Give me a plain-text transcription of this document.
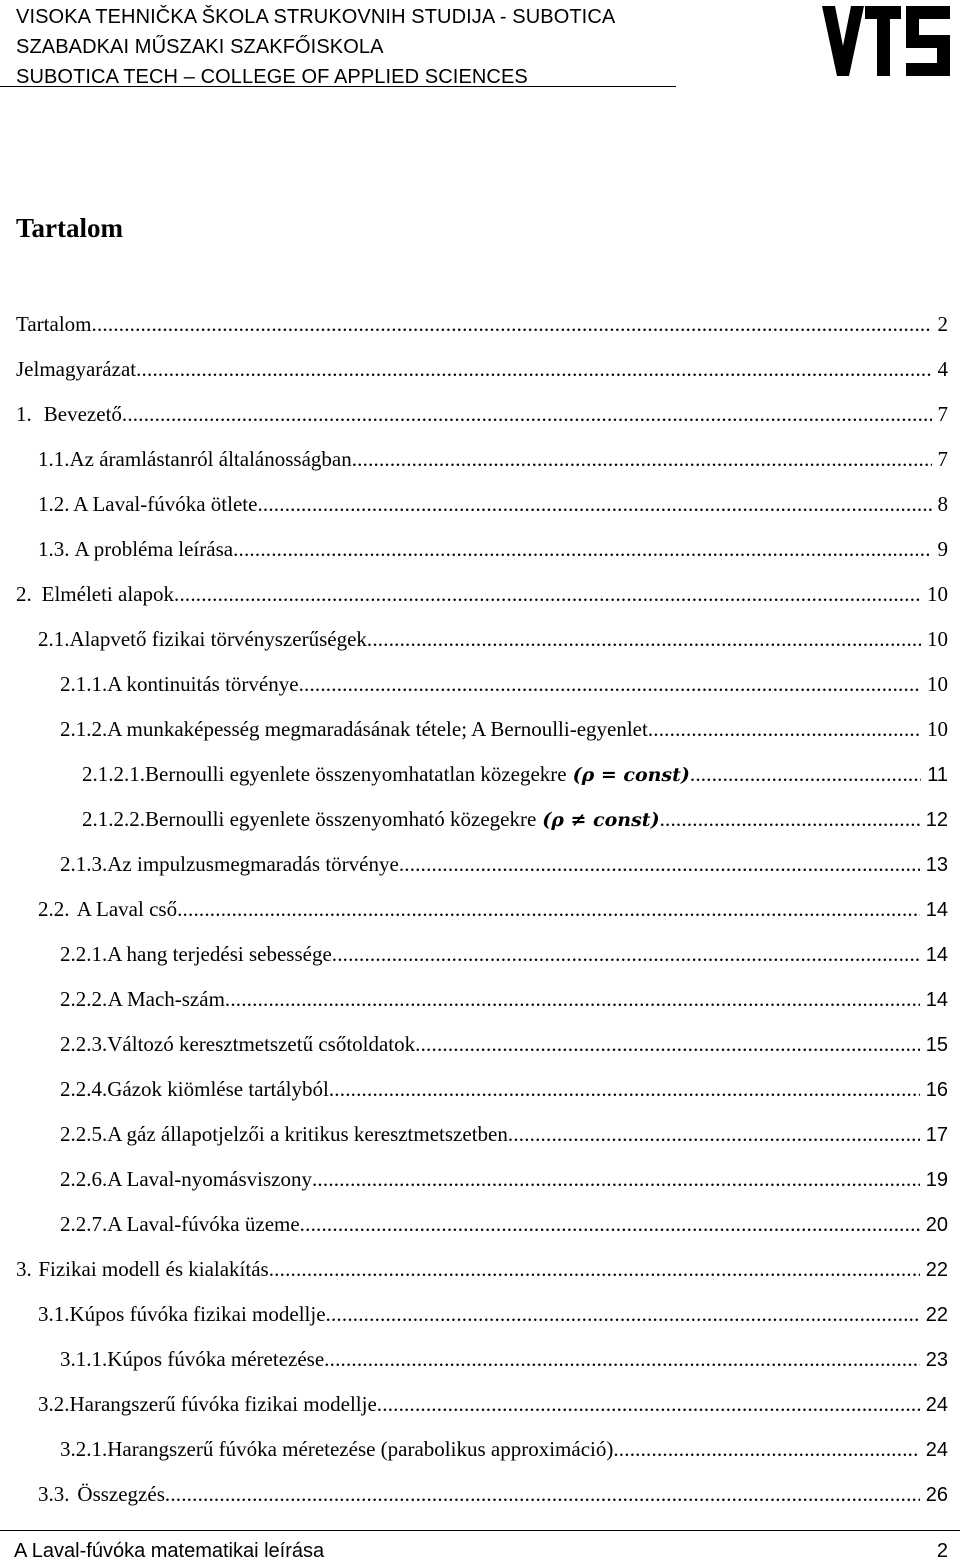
VISOKA TEHNIČKA ŠKOLA STRUKOVNIH STUDIJA - SUBOTICA
SZABADKAI MŰSZAKI SZAKFŐISKOLA
SUBOTICA TECH – COLLEGE OF APPLIED SCIENCES
Tartalom
Tartalom .....	2
Jelmagyarázat .....	4
1. Bevezető .....	7
1.1. Az áramlástanról általánosságban .....	7
1.2. A Laval-fúvóka ötlete .....	8
1.3. A probléma leírása .....	9
2. Elméleti alapok .....	10
2.1. Alapvető fizikai törvényszerűségek .....	10
2.1.1. A kontinuitás törvénye .....	10
2.1.2. A munkaképesség megmaradásának tétele; A Bernoulli-egyenlet .....	10
2.1.2.1. Bernoulli egyenlete összenyomhatatlan közegekre (ρ = const) .....	11
2.1.2.2. Bernoulli egyenlete összenyomható közegekre (ρ ≠ const) .....	12
2.1.3. Az impulzusmegmaradás törvénye .....	13
2.2. A Laval cső .....	14
2.2.1. A hang terjedési sebessége .....	14
2.2.2. A Mach-szám .....	14
2.2.3. Változó keresztmetszetű csőtoldatok .....	15
2.2.4. Gázok kiömlése tartályból .....	16
2.2.5. A gáz állapotjelzői a kritikus keresztmetszetben .....	17
2.2.6. A Laval-nyomásviszony .....	19
2.2.7. A Laval-fúvóka üzeme .....	20
3. Fizikai modell és kialakítás .....	22
3.1. Kúpos fúvóka fizikai modellje .....	22
3.1.1. Kúpos fúvóka méretezése .....	23
3.2. Harangszerű fúvóka fizikai modellje .....	24
3.2.1. Harangszerű fúvóka méretezése (parabolikus approximáció) .....	24
3.3. Összegzés .....	26
A Laval-fúvóka matematikai leírása	2
